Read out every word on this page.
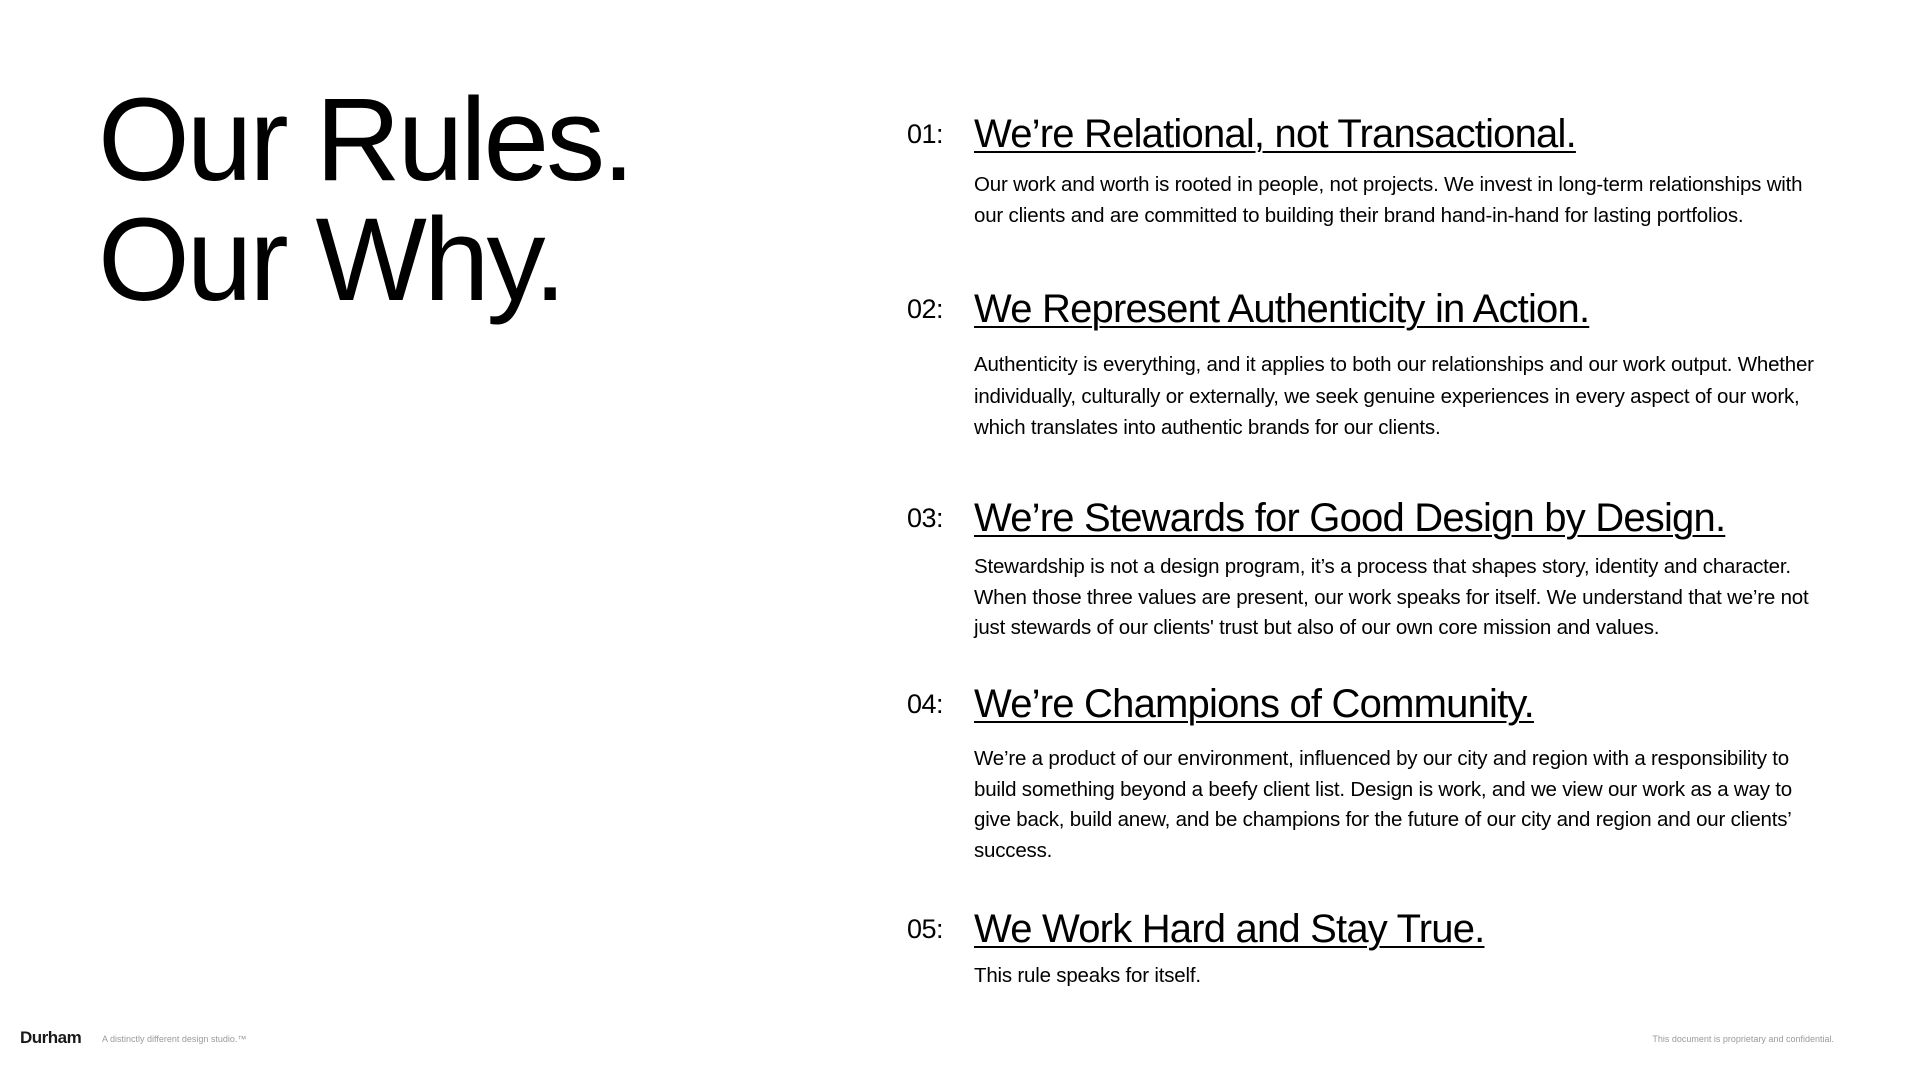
Our Rules.
Our Why.
01: We’re Relational, not Transactional.

Our work and worth is rooted in people, not projects. We invest in long-term relationships with our clients and are committed to building their brand hand-in-hand for lasting portfolios.

02: We Represent Authenticity in Action.

Authenticity is everything, and it applies to both our relationships and our work output. Whether individually, culturally or externally, we seek genuine experiences in every aspect of our work, which translates into authentic brands for our clients.

03: We’re Stewards for Good Design by Design.

Stewardship is not a design program, it’s a process that shapes story, identity and character. When those three values are present, our work speaks for itself. We understand that we’re not just stewards of our clients' trust but also of our own core mission and values.

04: We’re Champions of Community.

We’re a product of our environment, influenced by our city and region with a responsibility to build something beyond a beefy client list. Design is work, and we view our work as a way to give back, build anew, and be champions for the future of our city and region and our clients’ success.

05: We Work Hard and Stay True.

This rule speaks for itself.

Durham A distinctly different design studio.™	This document is proprietary and confidential.
